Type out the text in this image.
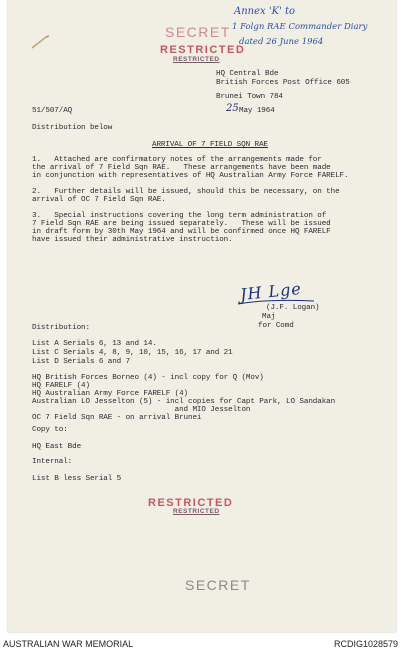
SECRET
RESTRICTED
RESTRICTED
Annex 'K' to
1 Folgn RAE Commander Diary
dated 26 June 1964
HQ Central Bde
British Forces Post Office 605
Brunei Town 784
25 May 1964
51/507/AQ
Distribution below
ARRIVAL OF 7 FIELD SQN RAE
1.   Attached are confirmatory notes of the arrangements made for
the arrival of 7 Field Sqn RAE.   These arrangements have been made
in conjunction with representatives of HQ Australian Army Force FARELF.
2.   Further details will be issued, should this be necessary, on the
arrival of OC 7 Field Sqn RAE.
3.   Special instructions covering the long term administration of
7 Field Sqn RAE are being issued separately.   These will be issued
in draft form by 30th May 1964 and will be confirmed once HQ FARELF
have issued their administrative instruction.
JH Lge
(J.F. Logan)
Maj
for Comd
Distribution:
List A Serials 6, 13 and 14.
List C Serials 4, 8, 9, 10, 15, 16, 17 and 21
List D Serials 6 and 7
HQ British Forces Borneo (4) - incl copy for Q (Mov)
HQ FARELF (4)
HQ Australian Army Force FARELF (4)
Australian LO Jesselton (5) - incl copies for Capt Park, LO Sandakan
and MIO Jesselton
OC 7 Field Sqn RAE - on arrival Brunei
Copy to:
HQ East Bde
Internal:
List B less Serial 5
RESTRICTED
RESTRICTED
SECRET
AUSTRALIAN WAR MEMORIAL	RCDIG1028579
